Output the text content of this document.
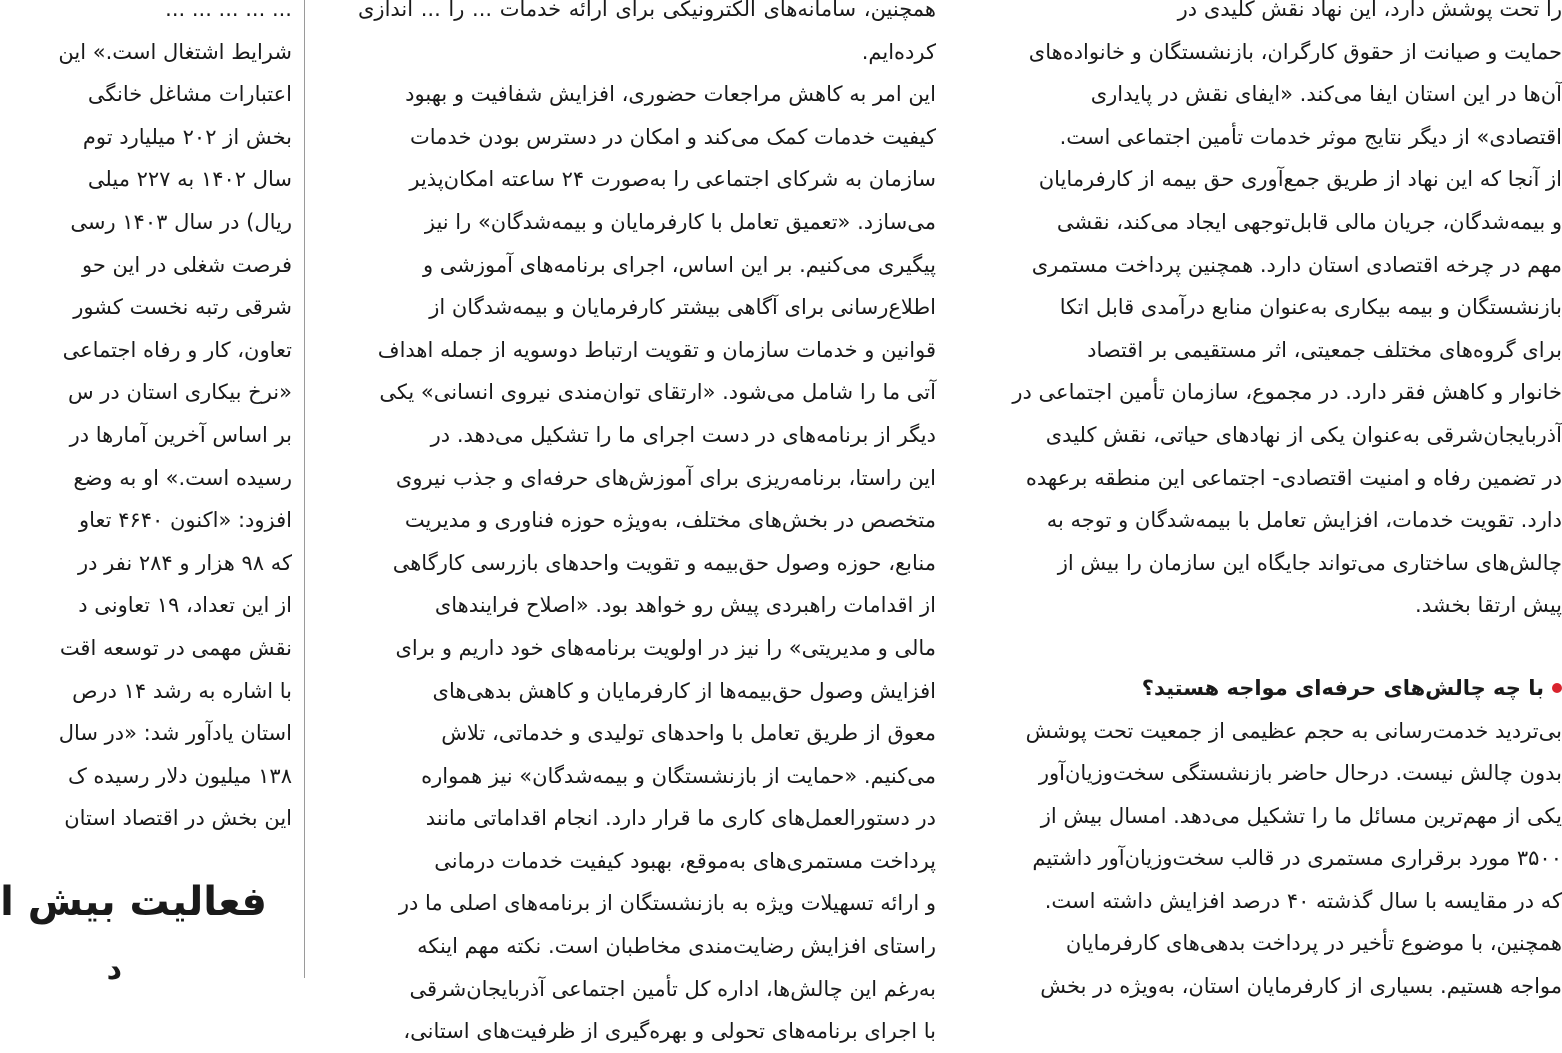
را تحت پوشش دارد، این نهاد نقش کلیدی در

حمایت و صیانت از حقوق کارگران، بازنشستگان و خانواده‌های

آن‌ها در این استان ایفا می‌کند. «ایفای نقش در پایداری

اقتصادی» از دیگر نتایج موثر خدمات تأمین اجتماعی است.

از آنجا که این نهاد از طریق جمع‌آوری حق بیمه از کارفرمایان

و بیمه‌شدگان، جریان مالی قابل‌توجهی ایجاد می‌کند، نقشی

مهم در چرخه اقتصادی استان دارد. همچنین پرداخت مستمری

بازنشستگان و بیمه بیکاری به‌عنوان منابع درآمدی قابل اتکا

برای گروه‌های مختلف جمعیتی، اثر مستقیمی بر اقتصاد

خانوار و کاهش فقر دارد. در مجموع، سازمان تأمین اجتماعی در

آذربایجان‌شرقی به‌عنوان یکی از نهادهای حیاتی، نقش کلیدی

در تضمین رفاه و امنیت اقتصادی- اجتماعی این منطقه برعهده

دارد. تقویت خدمات، افزایش تعامل با بیمه‌شدگان و توجه به

چالش‌های ساختاری می‌تواند جایگاه این سازمان را بیش از

پیش ارتقا بخشد.

با چه چالش‌های حرفه‌ای مواجه هستید؟

بی‌تردید خدمت‌رسانی به حجم عظیمی از جمعیت تحت پوشش

بدون چالش نیست. درحال حاضر بازنشستگی سخت‌وزیان‌آور

یکی از مهم‌ترین مسائل ما را تشکیل می‌دهد. امسال بیش از

۳۵۰۰ مورد برقراری مستمری در قالب سخت‌وزیان‌آور داشتیم

که در مقایسه با سال گذشته ۴۰ درصد افزایش داشته است.

همچنین، با موضوع تأخیر در پرداخت بدهی‌های کارفرمایان

مواجه هستیم. بسیاری از کارفرمایان استان، به‌ویژه در بخش

همچنین، سامانه‌های الکترونیکی برای ارائه خدمات ... را ... اندازی کرده‌ایم.

این امر به کاهش مراجعات حضوری، افزایش شفافیت و بهبود

کیفیت خدمات کمک می‌کند و امکان در دسترس بودن خدمات

سازمان به شرکای اجتماعی را به‌صورت ۲۴ ساعته امکان‌پذیر

می‌سازد. «تعمیق تعامل با کارفرمایان و بیمه‌شدگان» را نیز

پیگیری می‌کنیم. بر این اساس، اجرای برنامه‌های آموزشی و

اطلاع‌رسانی برای آگاهی بیشتر کارفرمایان و بیمه‌شدگان از

قوانین و خدمات سازمان و تقویت ارتباط دوسویه از جمله اهداف

آتی ما را شامل می‌شود. «ارتقای توان‌مندی نیروی انسانی» یکی

دیگر از برنامه‌های در دست اجرای ما را تشکیل می‌دهد. در

این راستا، برنامه‌ریزی برای آموزش‌های حرفه‌ای و جذب نیروی

متخصص در بخش‌های مختلف، به‌ویژه حوزه فناوری و مدیریت

منابع، حوزه وصول حق‌بیمه و تقویت واحدهای بازرسی کارگاهی

از اقدامات راهبردی پیش رو خواهد بود. «اصلاح فرایندهای

مالی و مدیریتی» را نیز در اولویت برنامه‌های خود داریم و برای

افزایش وصول حق‌بیمه‌ها از کارفرمایان و کاهش بدهی‌های

معوق از طریق تعامل با واحدهای تولیدی و خدماتی، تلاش

می‌کنیم. «حمایت از بازنشستگان و بیمه‌شدگان» نیز همواره

در دستورالعمل‌های کاری ما قرار دارد. انجام اقداماتی مانند

پرداخت مستمری‌های به‌موقع، بهبود کیفیت خدمات درمانی

و ارائه تسهیلات ویژه به بازنشستگان از برنامه‌های اصلی ما در

راستای افزایش رضایت‌مندی مخاطبان است. نکته مهم اینکه

به‌رغم این چالش‌ها، اداره کل تأمین اجتماعی آذربایجان‌شرقی

با اجرای برنامه‌های تحولی و بهره‌گیری از ظرفیت‌های استانی،

... ... ... ... ...

شرایط اشتغال است.» این

اعتبارات مشاغل خانگی

بخش از ۲۰۲ میلیارد توم

سال ۱۴۰۲ به ۲۲۷ میلی

ریال) در سال ۱۴۰۳ رسی

فرصت شغلی در این حو

شرقی رتبه نخست کشور

تعاون، کار و رفاه اجتماعی

«نرخ بیکاری استان در س

بر اساس آخرین آمارها در

رسیده است.» او به وضع

افزود: «اکنون ۴۶۴۰ تعاو

که ۹۸ هزار و ۲۸۴ نفر در

از این تعداد، ۱۹ تعاونی د

نقش مهمی در توسعه اقت

با اشاره به رشد ۱۴ درص

استان یادآور شد: «در سال

۱۳۸ میلیون دلار رسیده ک

این بخش در اقتصاد استان

فعالیت بیش ا
د
